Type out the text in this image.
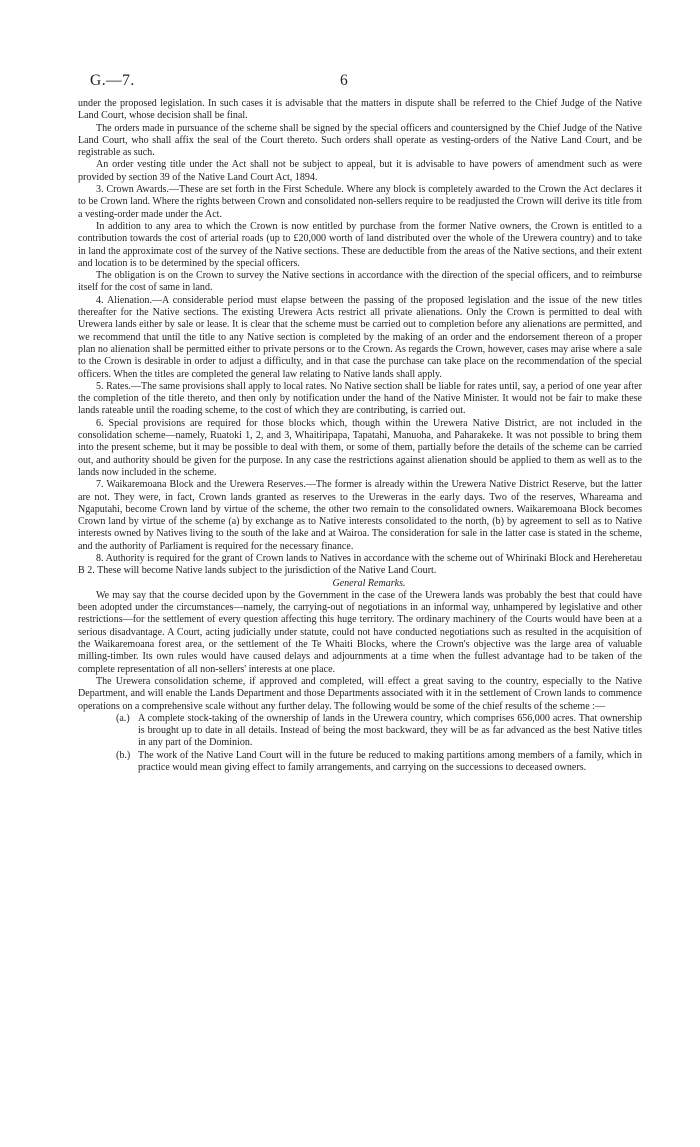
G.—7.	6

under the proposed legislation. In such cases it is advisable that the matters in dispute shall be referred to the Chief Judge of the Native Land Court, whose decision shall be final.

The orders made in pursuance of the scheme shall be signed by the special officers and countersigned by the Chief Judge of the Native Land Court, who shall affix the seal of the Court thereto. Such orders shall operate as vesting-orders of the Native Land Court, and be registrable as such.

An order vesting title under the Act shall not be subject to appeal, but it is advisable to have powers of amendment such as were provided by section 39 of the Native Land Court Act, 1894.

3. Crown Awards.—These are set forth in the First Schedule. Where any block is completely awarded to the Crown the Act declares it to be Crown land. Where the rights between Crown and consolidated non-sellers require to be readjusted the Crown will derive its title from a vesting-order made under the Act.

In addition to any area to which the Crown is now entitled by purchase from the former Native owners, the Crown is entitled to a contribution towards the cost of arterial roads (up to £20,000 worth of land distributed over the whole of the Urewera country) and to take in land the approximate cost of the survey of the Native sections. These are deductible from the areas of the Native sections, and their extent and location is to be determined by the special officers.

The obligation is on the Crown to survey the Native sections in accordance with the direction of the special officers, and to reimburse itself for the cost of same in land.

4. Alienation.—A considerable period must elapse between the passing of the proposed legislation and the issue of the new titles thereafter for the Native sections. The existing Urewera Acts restrict all private alienations. Only the Crown is permitted to deal with Urewera lands either by sale or lease. It is clear that the scheme must be carried out to completion before any alienations are permitted, and we recommend that until the title to any Native section is completed by the making of an order and the endorsement thereon of a proper plan no alienation shall be permitted either to private persons or to the Crown. As regards the Crown, however, cases may arise where a sale to the Crown is desirable in order to adjust a difficulty, and in that case the purchase can take place on the recommendation of the special officers. When the titles are completed the general law relating to Native lands shall apply.

5. Rates.—The same provisions shall apply to local rates. No Native section shall be liable for rates until, say, a period of one year after the completion of the title thereto, and then only by notification under the hand of the Native Minister. It would not be fair to make these lands rateable until the roading scheme, to the cost of which they are contributing, is carried out.

6. Special provisions are required for those blocks which, though within the Urewera Native District, are not included in the consolidation scheme—namely, Ruatoki 1, 2, and 3, Whaitiripapa, Tapatahi, Manuoha, and Paharakeke. It was not possible to bring them into the present scheme, but it may be possible to deal with them, or some of them, partially before the details of the scheme can be carried out, and authority should be given for the purpose. In any case the restrictions against alienation should be applied to them as well as to the lands now included in the scheme.

7. Waikaremoana Block and the Urewera Reserves.—The former is already within the Urewera Native District Reserve, but the latter are not. They were, in fact, Crown lands granted as reserves to the Ureweras in the early days. Two of the reserves, Whareama and Ngaputahi, become Crown land by virtue of the scheme, the other two remain to the consolidated owners. Waikaremoana Block becomes Crown land by virtue of the scheme (a) by exchange as to Native interests consolidated to the north, (b) by agreement to sell as to Native interests owned by Natives living to the south of the lake and at Wairoa. The consideration for sale in the latter case is stated in the scheme, and the authority of Parliament is required for the necessary finance.

8. Authority is required for the grant of Crown lands to Natives in accordance with the scheme out of Whirinaki Block and Hereheretau B 2. These will become Native lands subject to the jurisdiction of the Native Land Court.

General Remarks.

We may say that the course decided upon by the Government in the case of the Urewera lands was probably the best that could have been adopted under the circumstances—namely, the carrying-out of negotiations in an informal way, unhampered by legislative and other restrictions—for the settlement of every question affecting this huge territory. The ordinary machinery of the Courts would have been at a serious disadvantage. A Court, acting judicially under statute, could not have conducted negotiations such as resulted in the acquisition of the Waikaremoana forest area, or the settlement of the Te Whaiti Blocks, where the Crown's objective was the large area of valuable milling-timber. Its own rules would have caused delays and adjournments at a time when the fullest advantage had to be taken of the complete representation of all non-sellers' interests at one place.

The Urewera consolidation scheme, if approved and completed, will effect a great saving to the country, especially to the Native Department, and will enable the Lands Department and those Departments associated with it in the settlement of Crown lands to commence operations on a comprehensive scale without any further delay. The following would be some of the chief results of the scheme :—

(a.) A complete stock-taking of the ownership of lands in the Urewera country, which comprises 656,000 acres. That ownership is brought up to date in all details. Instead of being the most backward, they will be as far advanced as the best Native titles in any part of the Dominion.
(b.) The work of the Native Land Court will in the future be reduced to making partitions among members of a family, which in practice would mean giving effect to family arrangements, and carrying on the successions to deceased owners.
